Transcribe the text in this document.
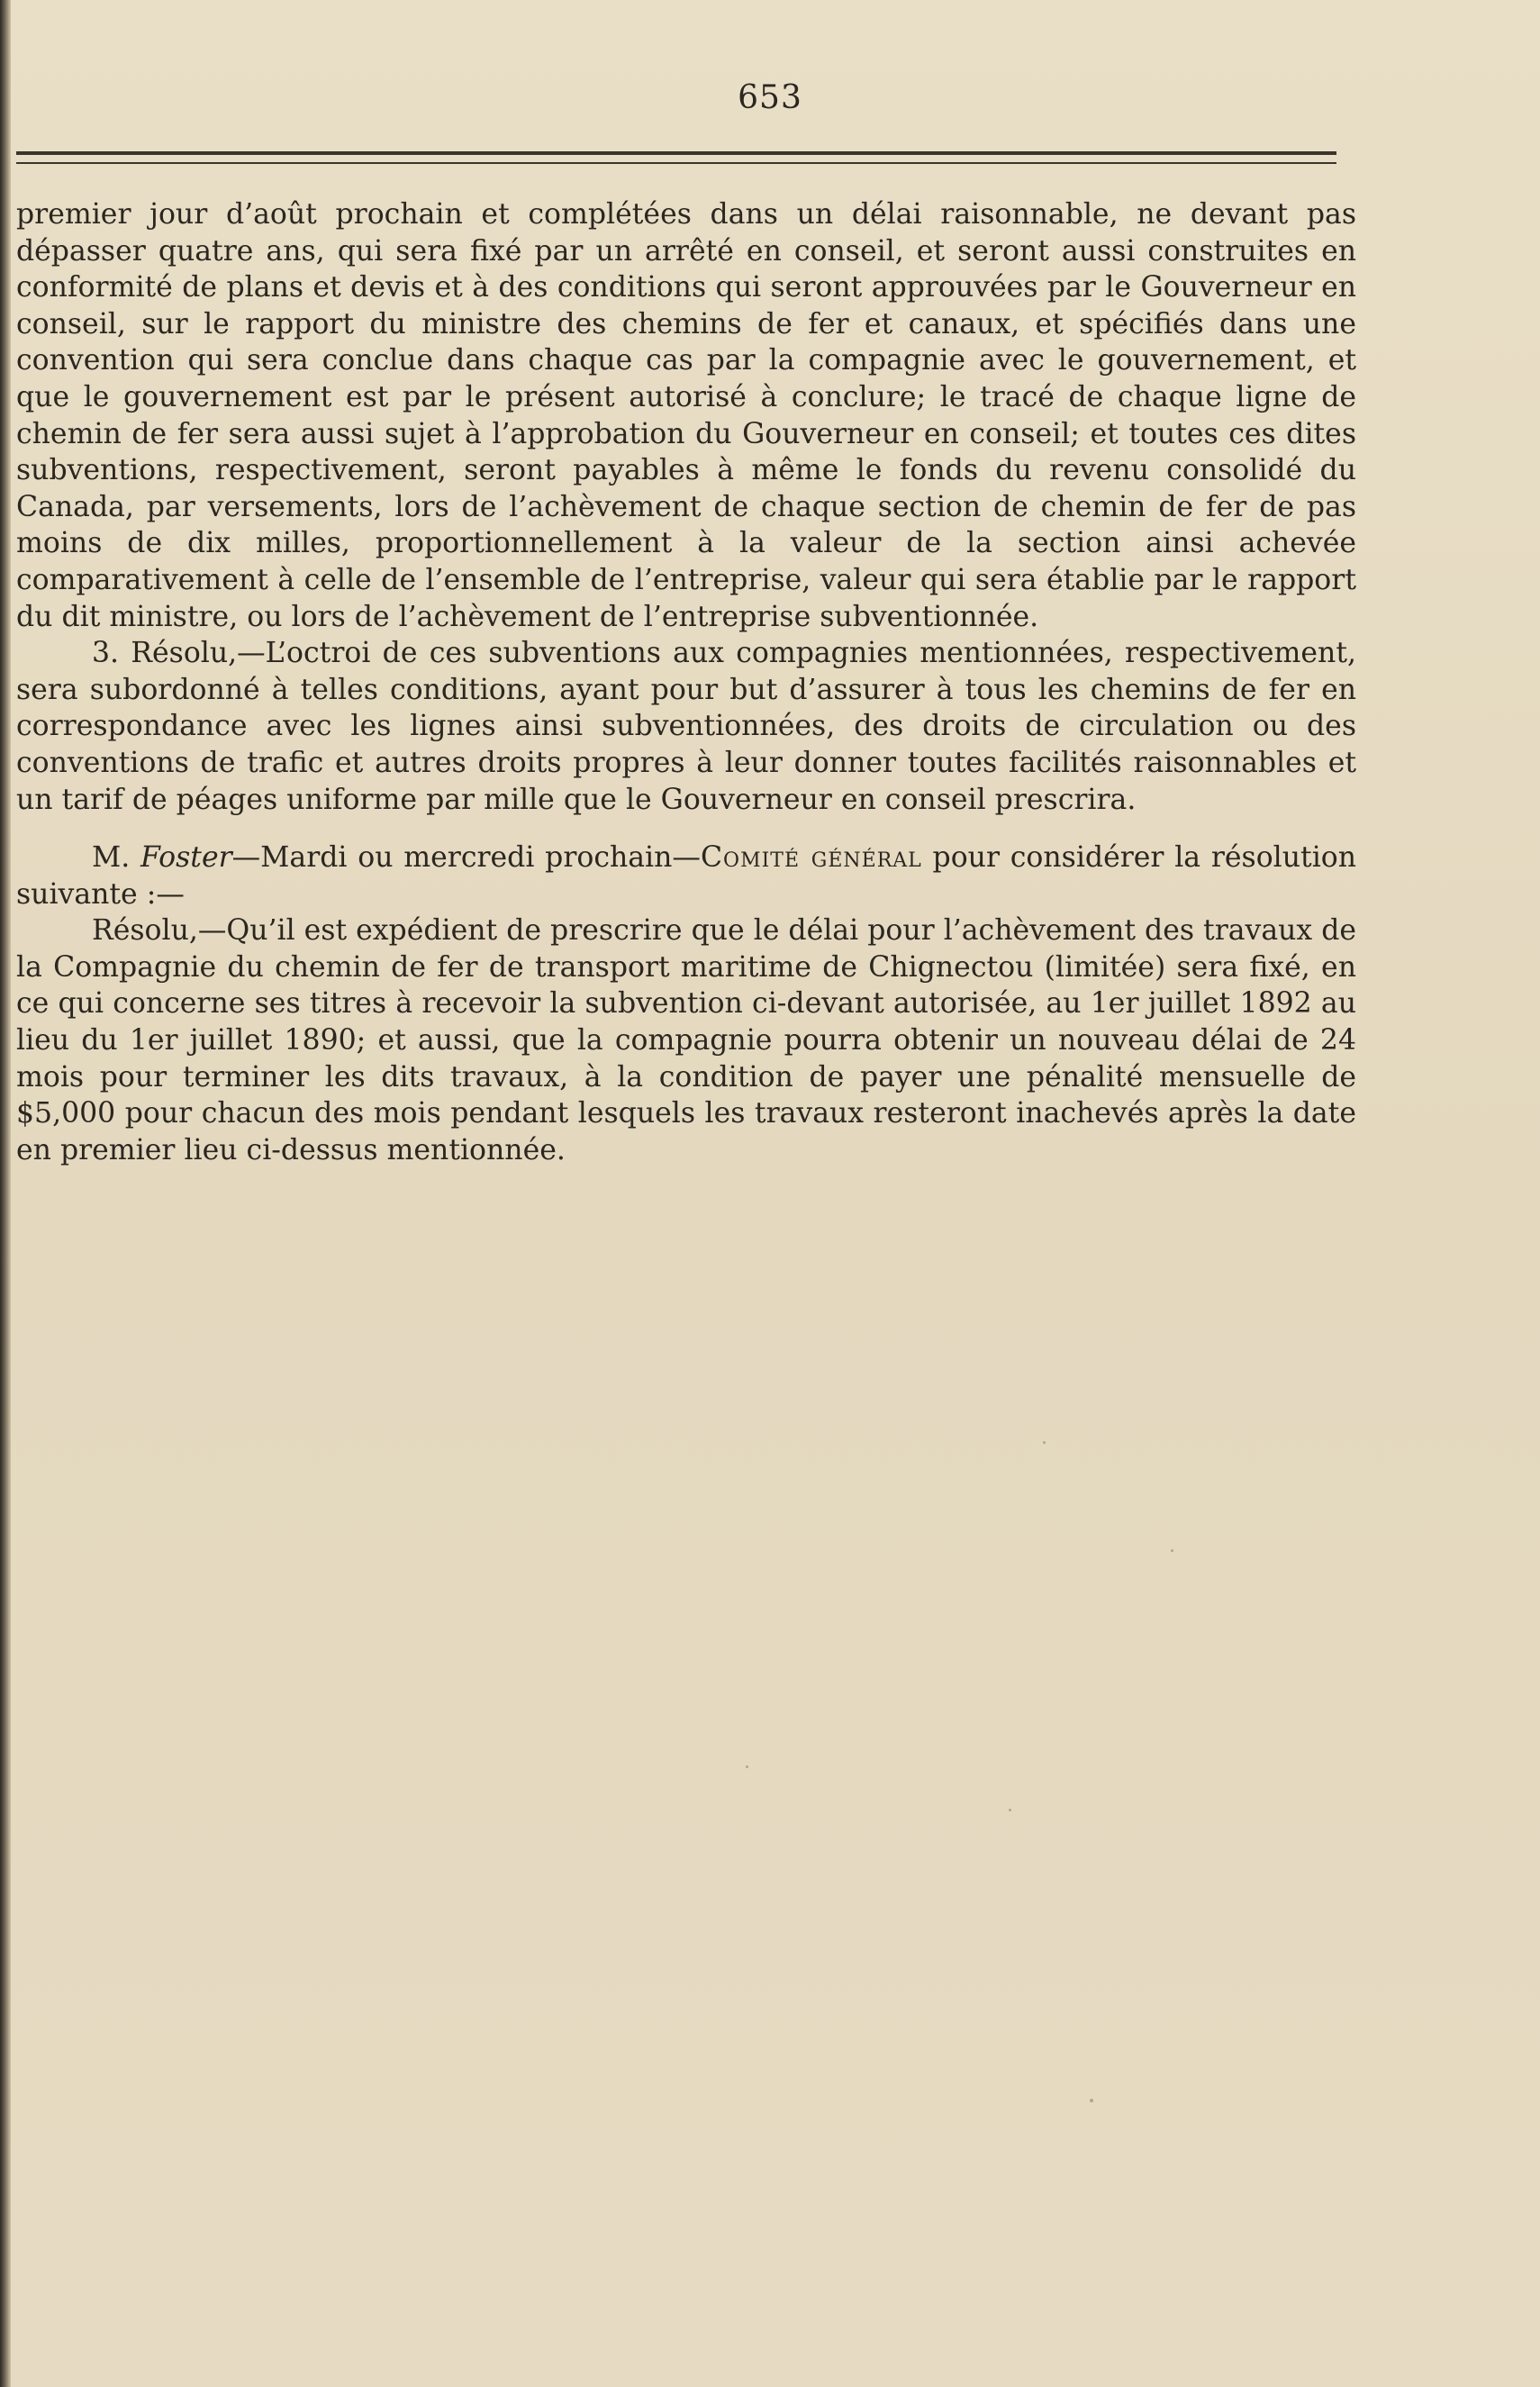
653

premier jour d’août prochain et complétées dans un délai raisonnable, ne devant pas dépasser quatre ans, qui sera fixé par un arrêté en conseil, et seront aussi construites en conformité de plans et devis et à des conditions qui seront approuvées par le Gouverneur en conseil, sur le rapport du ministre des chemins de fer et canaux, et spécifiés dans une convention qui sera conclue dans chaque cas par la compagnie avec le gouvernement, et que le gouvernement est par le présent autorisé à conclure; le tracé de chaque ligne de chemin de fer sera aussi sujet à l’approbation du Gouverneur en conseil; et toutes ces dites subventions, respectivement, seront payables à même le fonds du revenu consolidé du Canada, par versements, lors de l’achèvement de chaque section de chemin de fer de pas moins de dix milles, proportionnellement à la valeur de la section ainsi achevée comparativement à celle de l’ensemble de l’entreprise, valeur qui sera établie par le rapport du dit ministre, ou lors de l’achèvement de l’entreprise subventionnée.

3. Résolu,—L’octroi de ces subventions aux compagnies mentionnées, respectivement, sera subordonné à telles conditions, ayant pour but d’assurer à tous les chemins de fer en correspondance avec les lignes ainsi subventionnées, des droits de circulation ou des conventions de trafic et autres droits propres à leur donner toutes facilités raisonnables et un tarif de péages uniforme par mille que le Gouverneur en conseil prescrira.

M. Foster—Mardi ou mercredi prochain—Comité général pour considérer la résolution suivante :—

Résolu,—Qu’il est expédient de prescrire que le délai pour l’achèvement des travaux de la Compagnie du chemin de fer de transport maritime de Chignectou (limitée) sera fixé, en ce qui concerne ses titres à recevoir la subvention ci-devant autorisée, au 1er juillet 1892 au lieu du 1er juillet 1890; et aussi, que la compagnie pourra obtenir un nouveau délai de 24 mois pour terminer les dits travaux, à la condition de payer une pénalité mensuelle de $5,000 pour chacun des mois pendant lesquels les travaux resteront inachevés après la date en premier lieu ci-dessus mentionnée.
